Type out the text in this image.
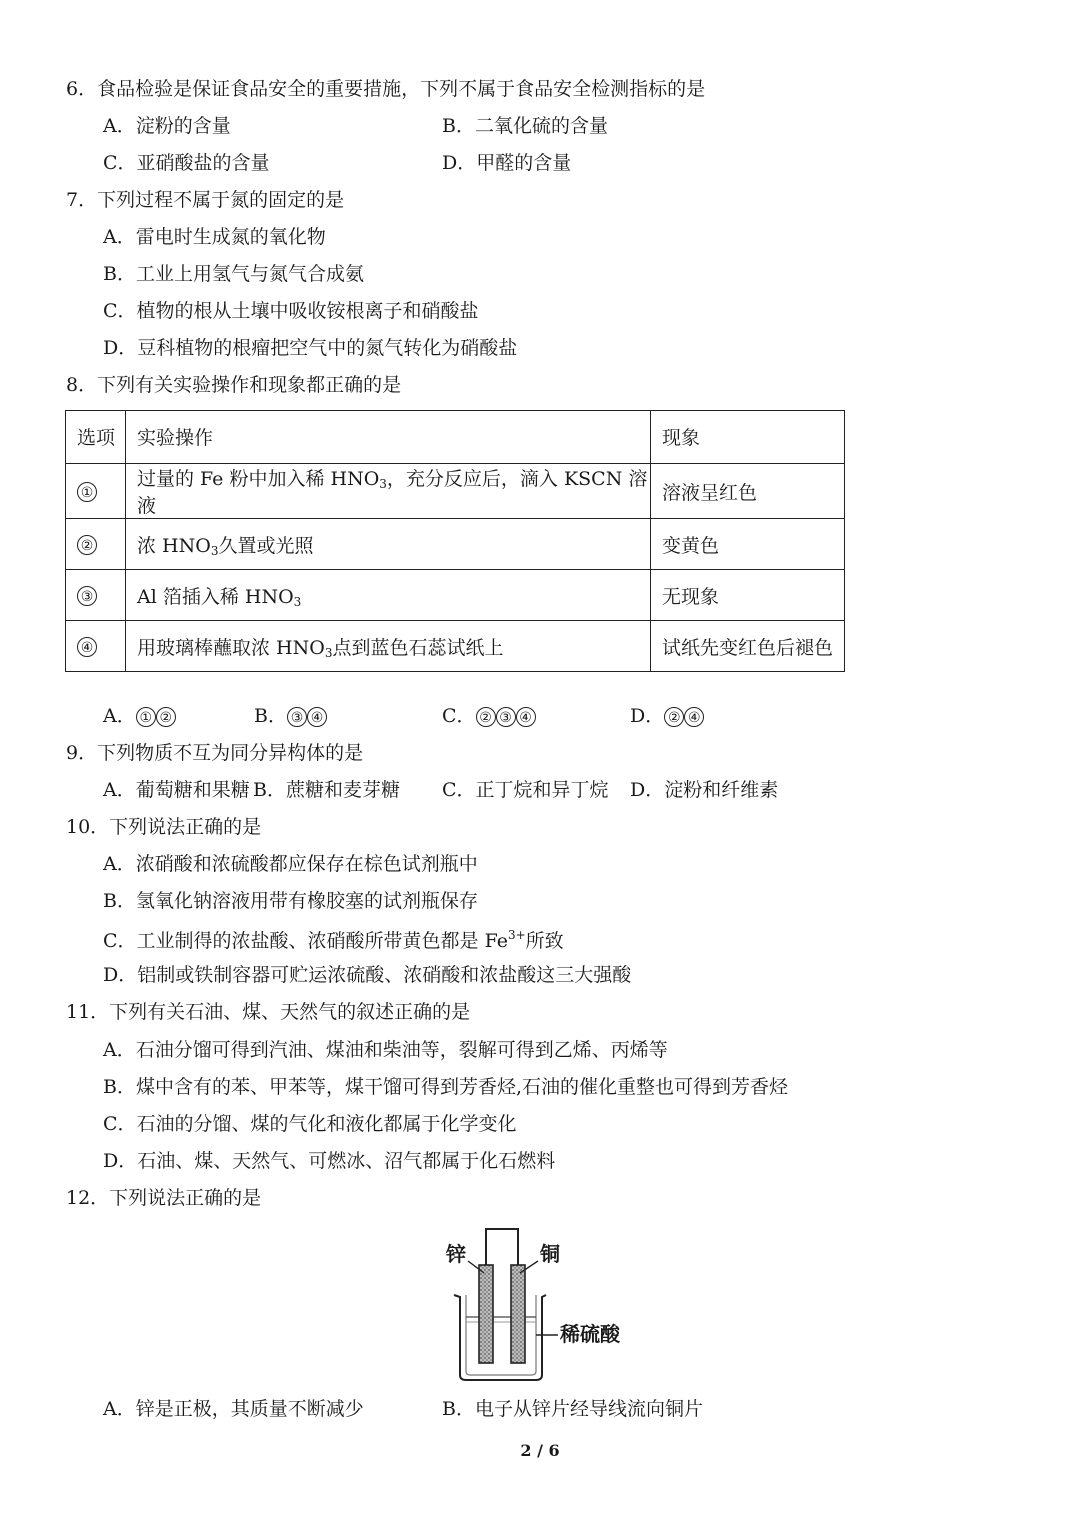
6．食品检验是保证食品安全的重要措施，下列不属于食品安全检测指标的是
A．淀粉的含量	B．二氧化硫的含量
C．亚硝酸盐的含量	D．甲醛的含量
7．下列过程不属于氮的固定的是
A．雷电时生成氮的氧化物
B．工业上用氢气与氮气合成氨
C．植物的根从土壤中吸收铵根离子和硝酸盐
D．豆科植物的根瘤把空气中的氮气转化为硝酸盐
8．下列有关实验操作和现象都正确的是
选项	实验操作	现象
①	过量的 Fe 粉中加入稀 $HNO_3$，充分反应后，滴入 KSCN 溶液	溶液呈红色
②	浓 $HNO_3$久置或光照	变黄色
③	Al 箔插入稀 $HNO_3$	无现象
④	用玻璃棒蘸取浓 $HNO_3$点到蓝色石蕊试纸上	试纸先变红色后褪色
A． ① ②	B． ③ ④	C． ② ③ ④	D． ② ④
9．下列物质不互为同分异构体的是
A．葡萄糖和果糖 B．蔗糖和麦芽糖 C．正丁烷和异丁烷 D．淀粉和纤维素
10．下列说法正确的是
A．浓硝酸和浓硫酸都应保存在棕色试剂瓶中
B．氢氧化钠溶液用带有橡胶塞的试剂瓶保存
C．工业制得的浓盐酸、浓硝酸所带黄色都是 $Fe^{3+}$所致
D．铝制或铁制容器可贮运浓硫酸、浓硝酸和浓盐酸这三大强酸
11．下列有关石油、煤、天然气的叙述正确的是
A．石油分馏可得到汽油、煤油和柴油等，裂解可得到乙烯、丙烯等
B．煤中含有的苯、甲苯等，煤干馏可得到芳香烃,石油的催化重整也可得到芳香烃
C．石油的分馏、煤的气化和液化都属于化学变化
D．石油、煤、天然气、可燃冰、沼气都属于化石燃料
12．下列说法正确的是
锌	铜
稀硫酸
A．锌是正极，其质量不断减少	B．电子从锌片经导线流向铜片
2 / 6
